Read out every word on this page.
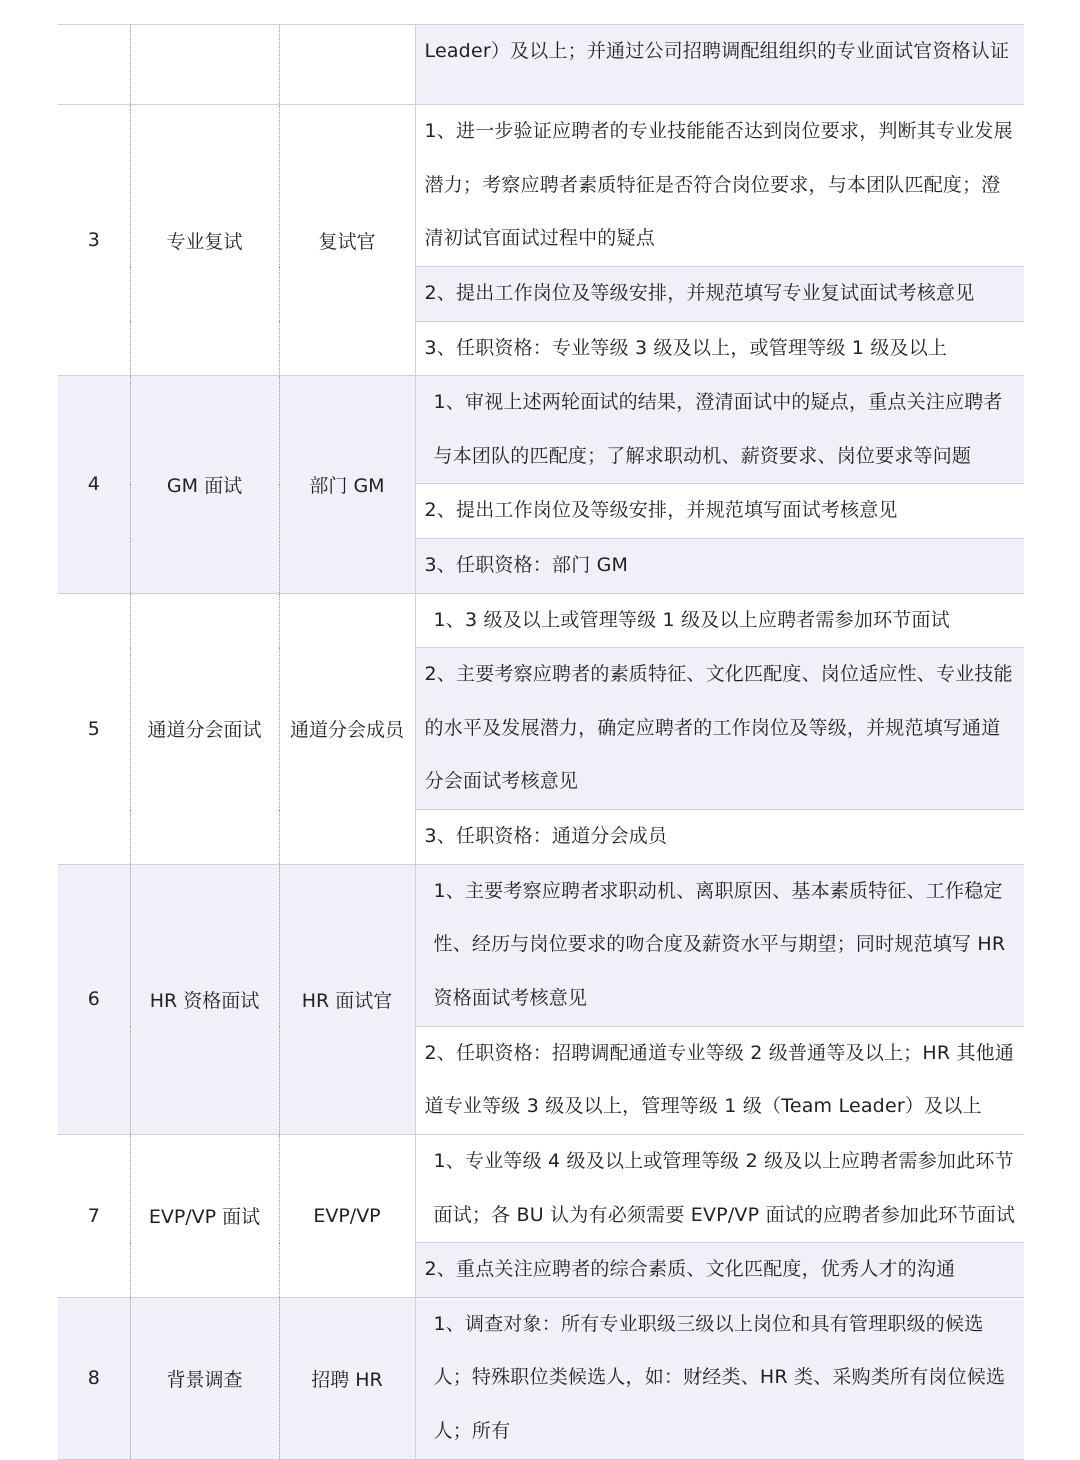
			Leader）及以上；并通过公司招聘调配组组织的专业面试官资格认证
3	专业复试	复试官	1、进一步验证应聘者的专业技能能否达到岗位要求，判断其专业发展潜力；考察应聘者素质特征是否符合岗位要求，与本团队匹配度；澄清初试官面试过程中的疑点
			2、提出工作岗位及等级安排，并规范填写专业复试面试考核意见
			3、任职资格：专业等级 3 级及以上，或管理等级 1 级及以上
4	GM 面试	部门 GM	1、审视上述两轮面试的结果，澄清面试中的疑点，重点关注应聘者与本团队的匹配度；了解求职动机、薪资要求、岗位要求等问题
			2、提出工作岗位及等级安排，并规范填写面试考核意见
			3、任职资格：部门 GM
5	通道分会面试	通道分会成员	1、3 级及以上或管理等级 1 级及以上应聘者需参加环节面试
			2、主要考察应聘者的素质特征、文化匹配度、岗位适应性、专业技能的水平及发展潜力，确定应聘者的工作岗位及等级，并规范填写通道分会面试考核意见
			3、任职资格：通道分会成员
6	HR 资格面试	HR 面试官	1、主要考察应聘者求职动机、离职原因、基本素质特征、工作稳定性、经历与岗位要求的吻合度及薪资水平与期望；同时规范填写 HR 资格面试考核意见
			2、任职资格：招聘调配通道专业等级 2 级普通等及以上；HR 其他通道专业等级 3 级及以上，管理等级 1 级（Team Leader）及以上
7	EVP/VP 面试	EVP/VP	1、专业等级 4 级及以上或管理等级 2 级及以上应聘者需参加此环节面试；各 BU 认为有必须需要 EVP/VP 面试的应聘者参加此环节面试
			2、重点关注应聘者的综合素质、文化匹配度，优秀人才的沟通
8	背景调查	招聘 HR	1、调查对象：所有专业职级三级以上岗位和具有管理职级的候选人；特殊职位类候选人，如：财经类、HR 类、采购类所有岗位候选人；所有
